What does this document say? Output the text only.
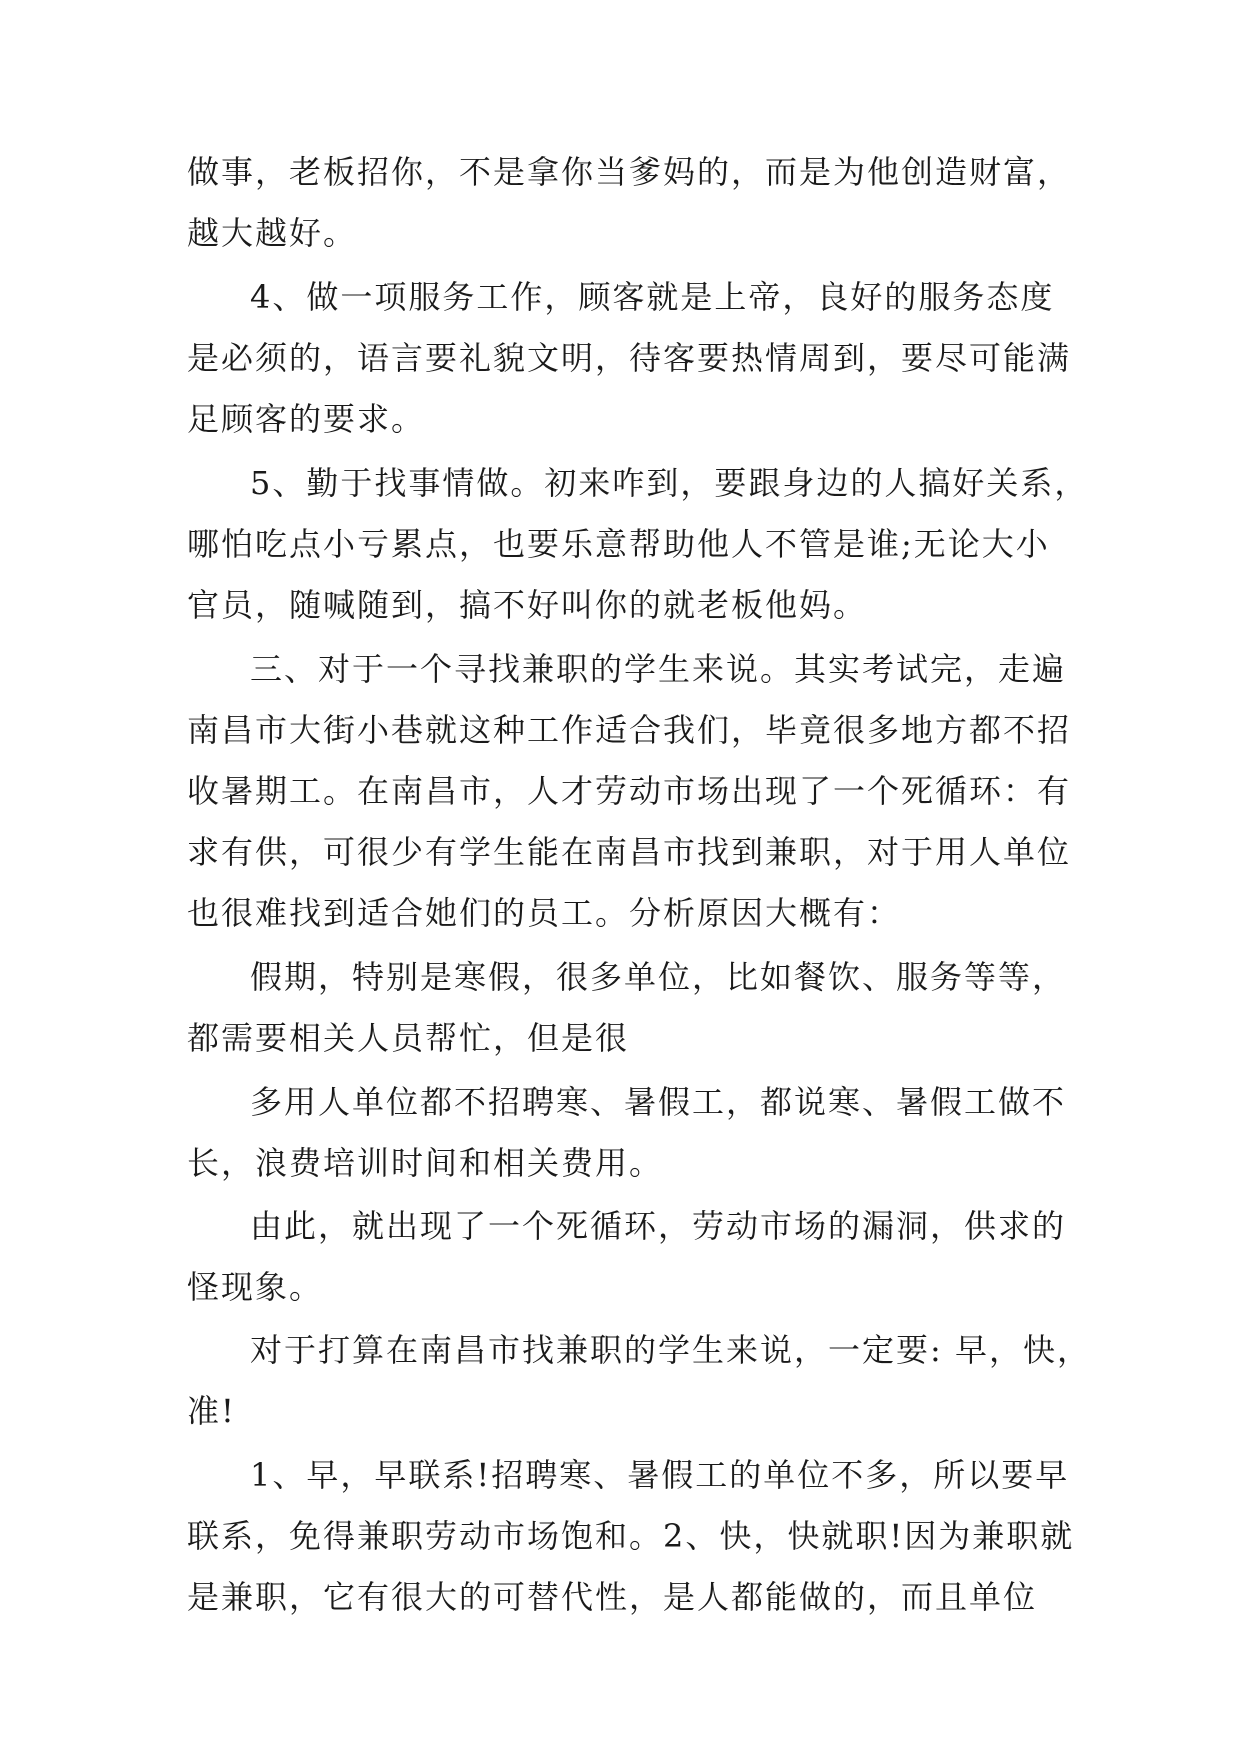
做事，老板招你，不是拿你当爹妈的，而是为他创造财富，
越大越好。
4、做一项服务工作，顾客就是上帝，良好的服务态度
是必须的，语言要礼貌文明，待客要热情周到，要尽可能满
足顾客的要求。
5、勤于找事情做。初来咋到，要跟身边的人搞好关系，
哪怕吃点小亏累点，也要乐意帮助他人不管是谁;无论大小
官员，随喊随到，搞不好叫你的就老板他妈。
三、对于一个寻找兼职的学生来说。其实考试完，走遍
南昌市大街小巷就这种工作适合我们，毕竟很多地方都不招
收暑期工。在南昌市，人才劳动市场出现了一个死循环：有
求有供，可很少有学生能在南昌市找到兼职，对于用人单位
也很难找到适合她们的员工。分析原因大概有：
假期，特别是寒假，很多单位，比如餐饮、服务等等，
都需要相关人员帮忙，但是很
多用人单位都不招聘寒、暑假工，都说寒、暑假工做不
长，浪费培训时间和相关费用。
由此，就出现了一个死循环，劳动市场的漏洞，供求的
怪现象。
对于打算在南昌市找兼职的学生来说，一定要: 早，快，
准!
1、早，早联系!招聘寒、暑假工的单位不多，所以要早
联系，免得兼职劳动市场饱和。2、快，快就职!因为兼职就
是兼职，它有很大的可替代性，是人都能做的，而且单位
